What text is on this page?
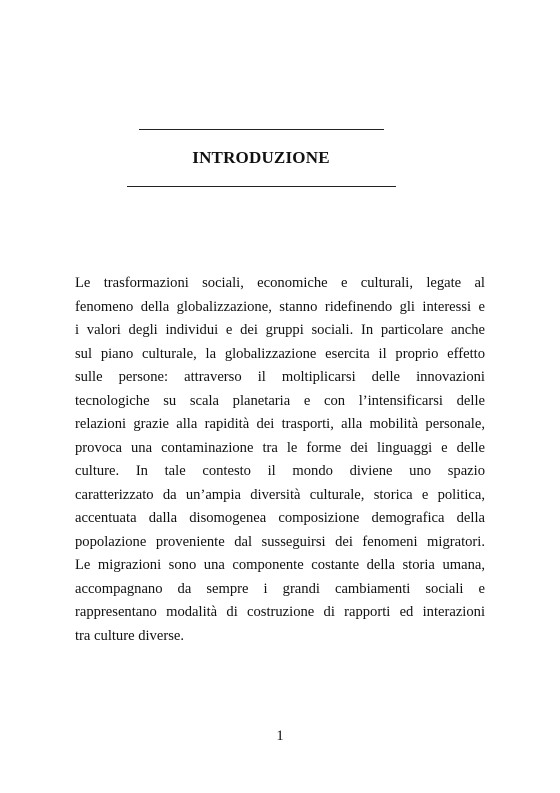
INTRODUZIONE
Le trasformazioni sociali, economiche e culturali, legate al
fenomeno della globalizzazione, stanno ridefinendo gli interessi e
i valori degli individui e dei gruppi sociali. In particolare anche
sul piano culturale, la globalizzazione esercita il proprio effetto
sulle persone: attraverso il moltiplicarsi delle innovazioni
tecnologiche su scala planetaria e con l’intensificarsi delle
relazioni grazie alla rapidità dei trasporti, alla mobilità personale,
provoca una contaminazione tra le forme dei linguaggi e delle
culture. In tale contesto il mondo diviene uno spazio
caratterizzato da un’ampia diversità culturale, storica e politica,
accentuata dalla disomogenea composizione demografica della
popolazione proveniente dal susseguirsi dei fenomeni migratori.
Le migrazioni sono una componente costante della storia umana,
accompagnano da sempre i grandi cambiamenti sociali e
rappresentano modalità di costruzione di rapporti ed interazioni
tra culture diverse.
1
